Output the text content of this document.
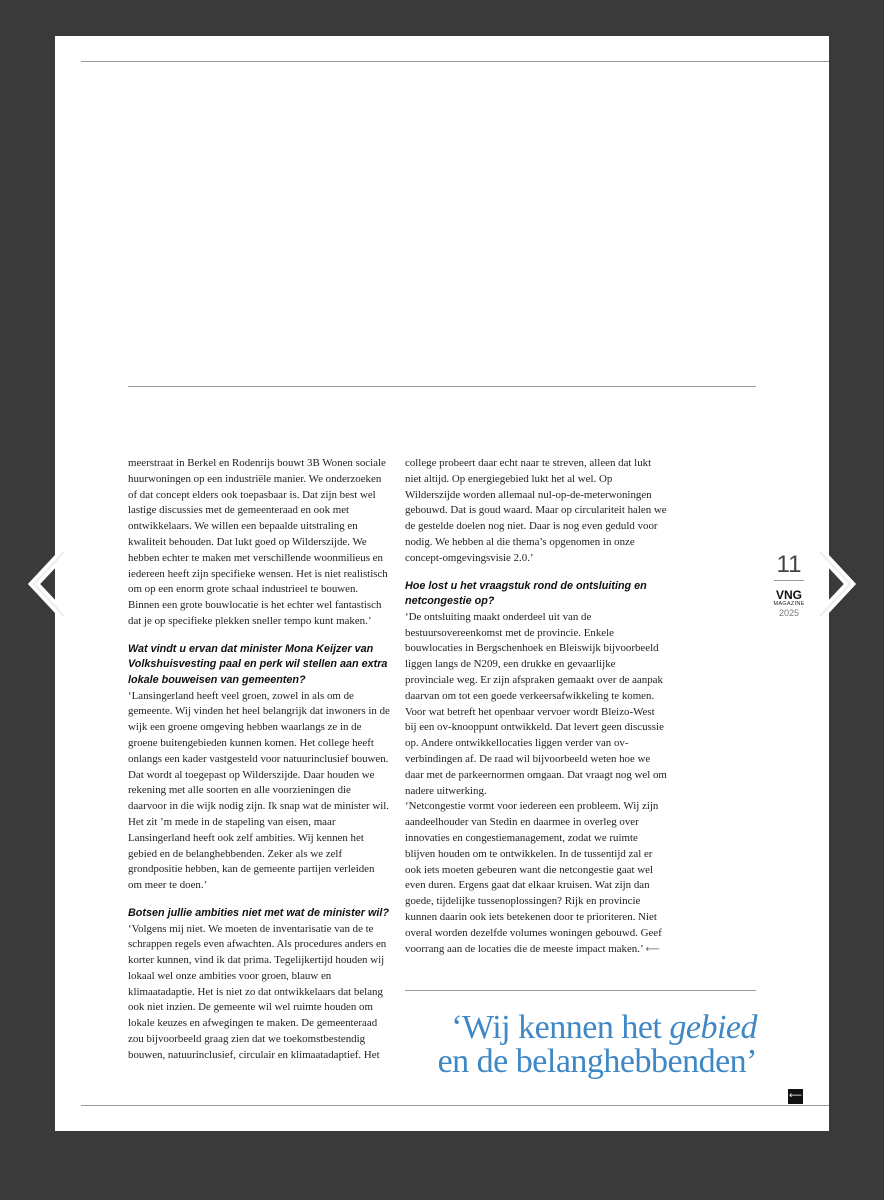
meerstraat in Berkel en Rodenrijs bouwt 3B Wonen sociale huurwoningen op een industriële manier. We onderzoeken of dat concept elders ook toepasbaar is. Dat zijn best wel lastige discussies met de gemeenteraad en ook met ontwikkelaars. We willen een bepaalde uitstraling en kwaliteit behouden. Dat lukt goed op Wilderszijde. We hebben echter te maken met verschillende woonmilieus en iedereen heeft zijn specifieke wensen. Het is niet realistisch om op een enorm grote schaal industrieel te bouwen. Binnen een grote bouwlocatie is het echter wel fantastisch dat je op specifieke plekken sneller tempo kunt maken.’

Wat vindt u ervan dat minister Mona Keijzer van Volkshuisvesting paal en perk wil stellen aan extra lokale bouweisen van gemeenten?

‘Lansingerland heeft veel groen, zowel in als om de gemeente. Wij vinden het heel belangrijk dat inwoners in de wijk een groene omgeving hebben waarlangs ze in de groene buitengebieden kunnen komen. Het college heeft onlangs een kader vastgesteld voor natuurinclusief bouwen. Dat wordt al toegepast op Wilderszijde. Daar houden we rekening met alle soorten en alle voorzieningen die daarvoor in die wijk nodig zijn. Ik snap wat de minister wil. Het zit ’m mede in de stapeling van eisen, maar Lansingerland heeft ook zelf ambities. Wij kennen het gebied en de belanghebbenden. Zeker als we zelf grondpositie hebben, kan de gemeente partijen verleiden om meer te doen.’

Botsen jullie ambities niet met wat de minister wil?

‘Volgens mij niet. We moeten de inventarisatie van de te schrappen regels even afwachten. Als procedures anders en korter kunnen, vind ik dat prima. Tegelijkertijd houden wij lokaal wel onze ambities voor groen, blauw en klimaatadaptie. Het is niet zo dat ontwikkelaars dat belang ook niet inzien. De gemeente wil wel ruimte houden om lokale keuzes en afwegingen te maken. De gemeenteraad zou bijvoorbeeld graag zien dat we toekomstbestendig bouwen, natuurinclusief, circulair en klimaatadaptief. Het

college probeert daar echt naar te streven, alleen dat lukt niet altijd. Op energiegebied lukt het al wel. Op Wilderszijde worden allemaal nul-op-de-meterwoningen gebouwd. Dat is goud waard. Maar op circulariteit halen we de gestelde doelen nog niet. Daar is nog even geduld voor nodig. We hebben al die thema’s opgenomen in onze concept-omgevingsvisie 2.0.’

Hoe lost u het vraagstuk rond de ontsluiting en netcongestie op?

‘De ontsluiting maakt onderdeel uit van de bestuursovereenkomst met de provincie. Enkele bouwlocaties in Bergschenhoek en Bleiswijk bijvoorbeeld liggen langs de N209, een drukke en gevaarlijke provinciale weg. Er zijn afspraken gemaakt over de aanpak daarvan om tot een goede verkeersafwikkeling te komen. Voor wat betreft het openbaar vervoer wordt Bleizo-West bij een ov-knooppunt ontwikkeld. Dat levert geen discussie op. Andere ontwikkellocaties liggen verder van ov-verbindingen af. De raad wil bijvoorbeeld weten hoe we daar met de parkeernormen omgaan. Dat vraagt nog wel om nadere uitwerking.

‘Netcongestie vormt voor iedereen een probleem. Wij zijn aandeelhouder van Stedin en daarmee in overleg over innovaties en congestiemanagement, zodat we ruimte blijven houden om te ontwikkelen. In de tussentijd zal er ook iets moeten gebeuren want die netcongestie gaat wel even duren. Ergens gaat dat elkaar kruisen. Wat zijn dan goede, tijdelijke tussenoplossingen? Rijk en provincie kunnen daarin ook iets betekenen door te prioriteren. Niet overal worden dezelfde volumes woningen gebouwd. Geef voorrang aan de locaties die de meeste impact maken.’ ⟵

‘Wij kennen het gebied
en de belanghebbenden’
11
VNG
MAGAZINE
2025
⟵
